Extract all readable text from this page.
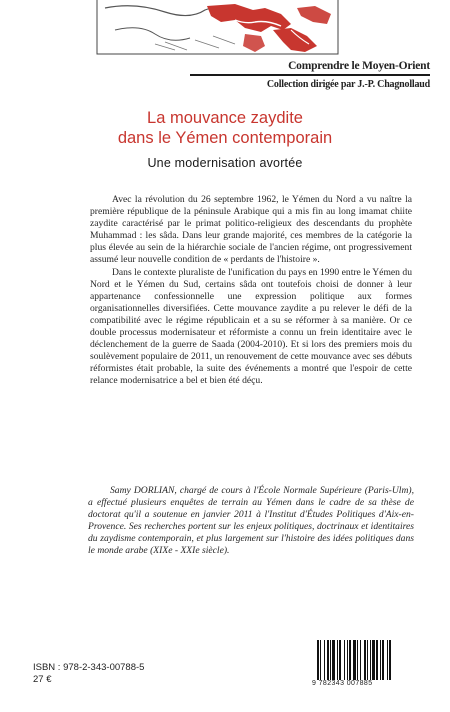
Comprendre le Moyen-Orient
Collection dirigée par J.-P. Chagnollaud
La mouvance zaydite
dans le Yémen contemporain
Une modernisation avortée

Avec la révolution du 26 septembre 1962, le Yémen du Nord a vu naître la première république de la péninsule Arabique qui a mis fin au long imamat chiite zaydite caractérisé par le primat politico-religieux des descendants du prophète Muhammad : les sâda. Dans leur grande majorité, ces membres de la catégorie la plus élevée au sein de la hiérarchie sociale de l'ancien régime, ont progressivement assumé leur nouvelle condition de « perdants de l'histoire ».

Dans le contexte pluraliste de l'unification du pays en 1990 entre le Yémen du Nord et le Yémen du Sud, certains sâda ont toutefois choisi de donner à leur appartenance confessionnelle une expression politique aux formes organisationnelles diversifiées. Cette mouvance zaydite a pu relever le défi de la compatibilité avec le régime républicain et a su se réformer à sa manière. Or ce double processus modernisateur et réformiste a connu un frein identitaire avec le déclenchement de la guerre de Saada (2004-2010). Et si lors des premiers mois du soulèvement populaire de 2011, un renouvement de cette mouvance avec ses débuts réformistes était probable, la suite des événements a montré que l'espoir de cette relance modernisatrice a bel et bien été déçu.

Samy DORLIAN, chargé de cours à l'École Normale Supérieure (Paris-Ulm), a effectué plusieurs enquêtes de terrain au Yémen dans le cadre de sa thèse de doctorat qu'il a soutenue en janvier 2011 à l'Institut d'Études Politiques d'Aix-en-Provence. Ses recherches portent sur les enjeux politiques, doctrinaux et identitaires du zaydisme contemporain, et plus largement sur l'histoire des idées politiques dans le monde arabe (XIXe - XXIe siècle).
ISBN : 978-2-343-00788-5
27 €	9 782343 007885
